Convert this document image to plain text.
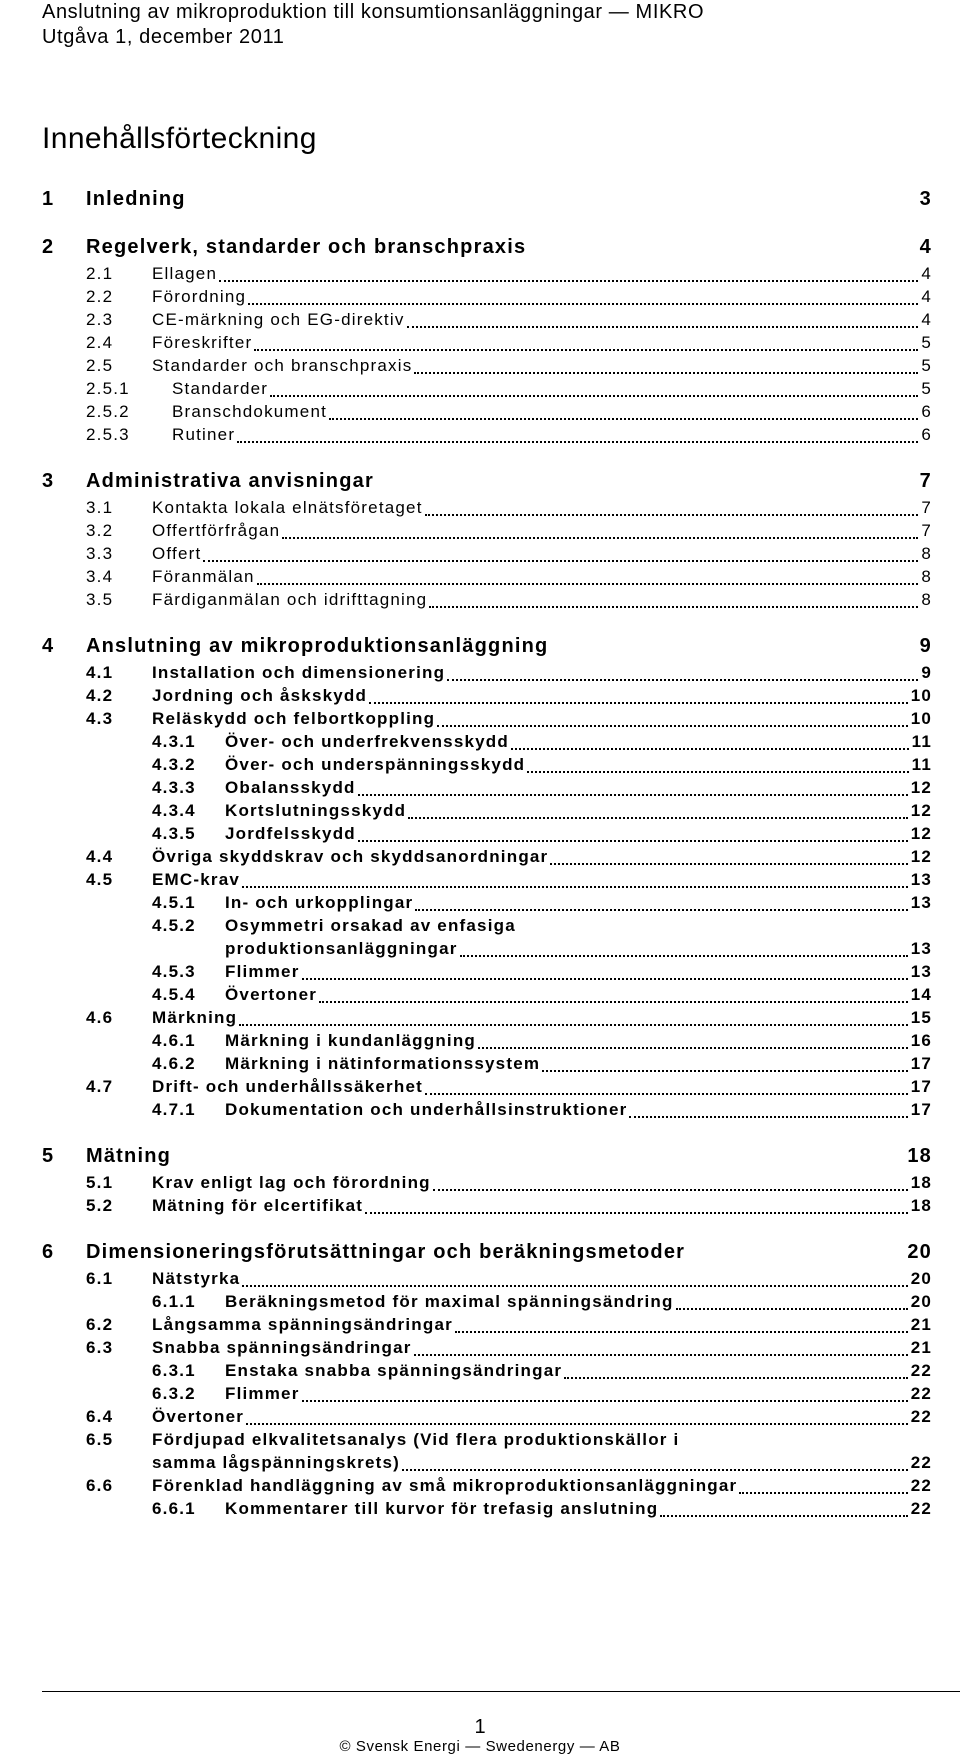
Anslutning av mikroproduktion till konsumtionsanläggningar — MIKRO
Utgåva 1, december 2011
Innehållsförteckning
1 Inledning	3
2 Regelverk, standarder och branschpraxis	4
2.1 Ellagen	4
2.2 Förordning	4
2.3 CE-märkning och EG-direktiv	4
2.4 Föreskrifter	5
2.5 Standarder och branschpraxis	5
2.5.1 Standarder	5
2.5.2 Branschdokument	6
2.5.3 Rutiner	6
3 Administrativa anvisningar	7
3.1 Kontakta lokala elnätsföretaget	7
3.2 Offertförfrågan	7
3.3 Offert	8
3.4 Föranmälan	8
3.5 Färdiganmälan och idrifttagning	8
4 Anslutning av mikroproduktionsanläggning	9
4.1 Installation och dimensionering	9
4.2 Jordning och åskskydd	10
4.3 Reläskydd och felbortkoppling	10
4.3.1 Över- och underfrekvensskydd	11
4.3.2 Över- och underspänningsskydd	11
4.3.3 Obalansskydd	12
4.3.4 Kortslutningsskydd	12
4.3.5 Jordfelsskydd	12
4.4 Övriga skyddskrav och skyddsanordningar	12
4.5 EMC-krav	13
4.5.1 In- och urkopplingar	13
4.5.2 Osymmetri orsakad av enfasiga
produktionsanläggningar	13
4.5.3 Flimmer	13
4.5.4 Övertoner	14
4.6 Märkning	15
4.6.1 Märkning i kundanläggning	16
4.6.2 Märkning i nätinformationssystem	17
4.7 Drift- och underhållssäkerhet	17
4.7.1 Dokumentation och underhållsinstruktioner	17
5 Mätning	18
5.1 Krav enligt lag och förordning	18
5.2 Mätning för elcertifikat	18
6 Dimensioneringsförutsättningar och beräkningsmetoder	20
6.1 Nätstyrka	20
6.1.1 Beräkningsmetod för maximal spänningsändring	20
6.2 Långsamma spänningsändringar	21
6.3 Snabba spänningsändringar	21
6.3.1 Enstaka snabba spänningsändringar	22
6.3.2 Flimmer	22
6.4 Övertoner	22
6.5 Fördjupad elkvalitetsanalys (Vid flera produktionskällor i
samma lågspänningskrets)	22
6.6 Förenklad handläggning av små mikroproduktionsanläggningar	22
6.6.1 Kommentarer till kurvor för trefasig anslutning	22
1
© Svensk Energi — Swedenergy — AB
